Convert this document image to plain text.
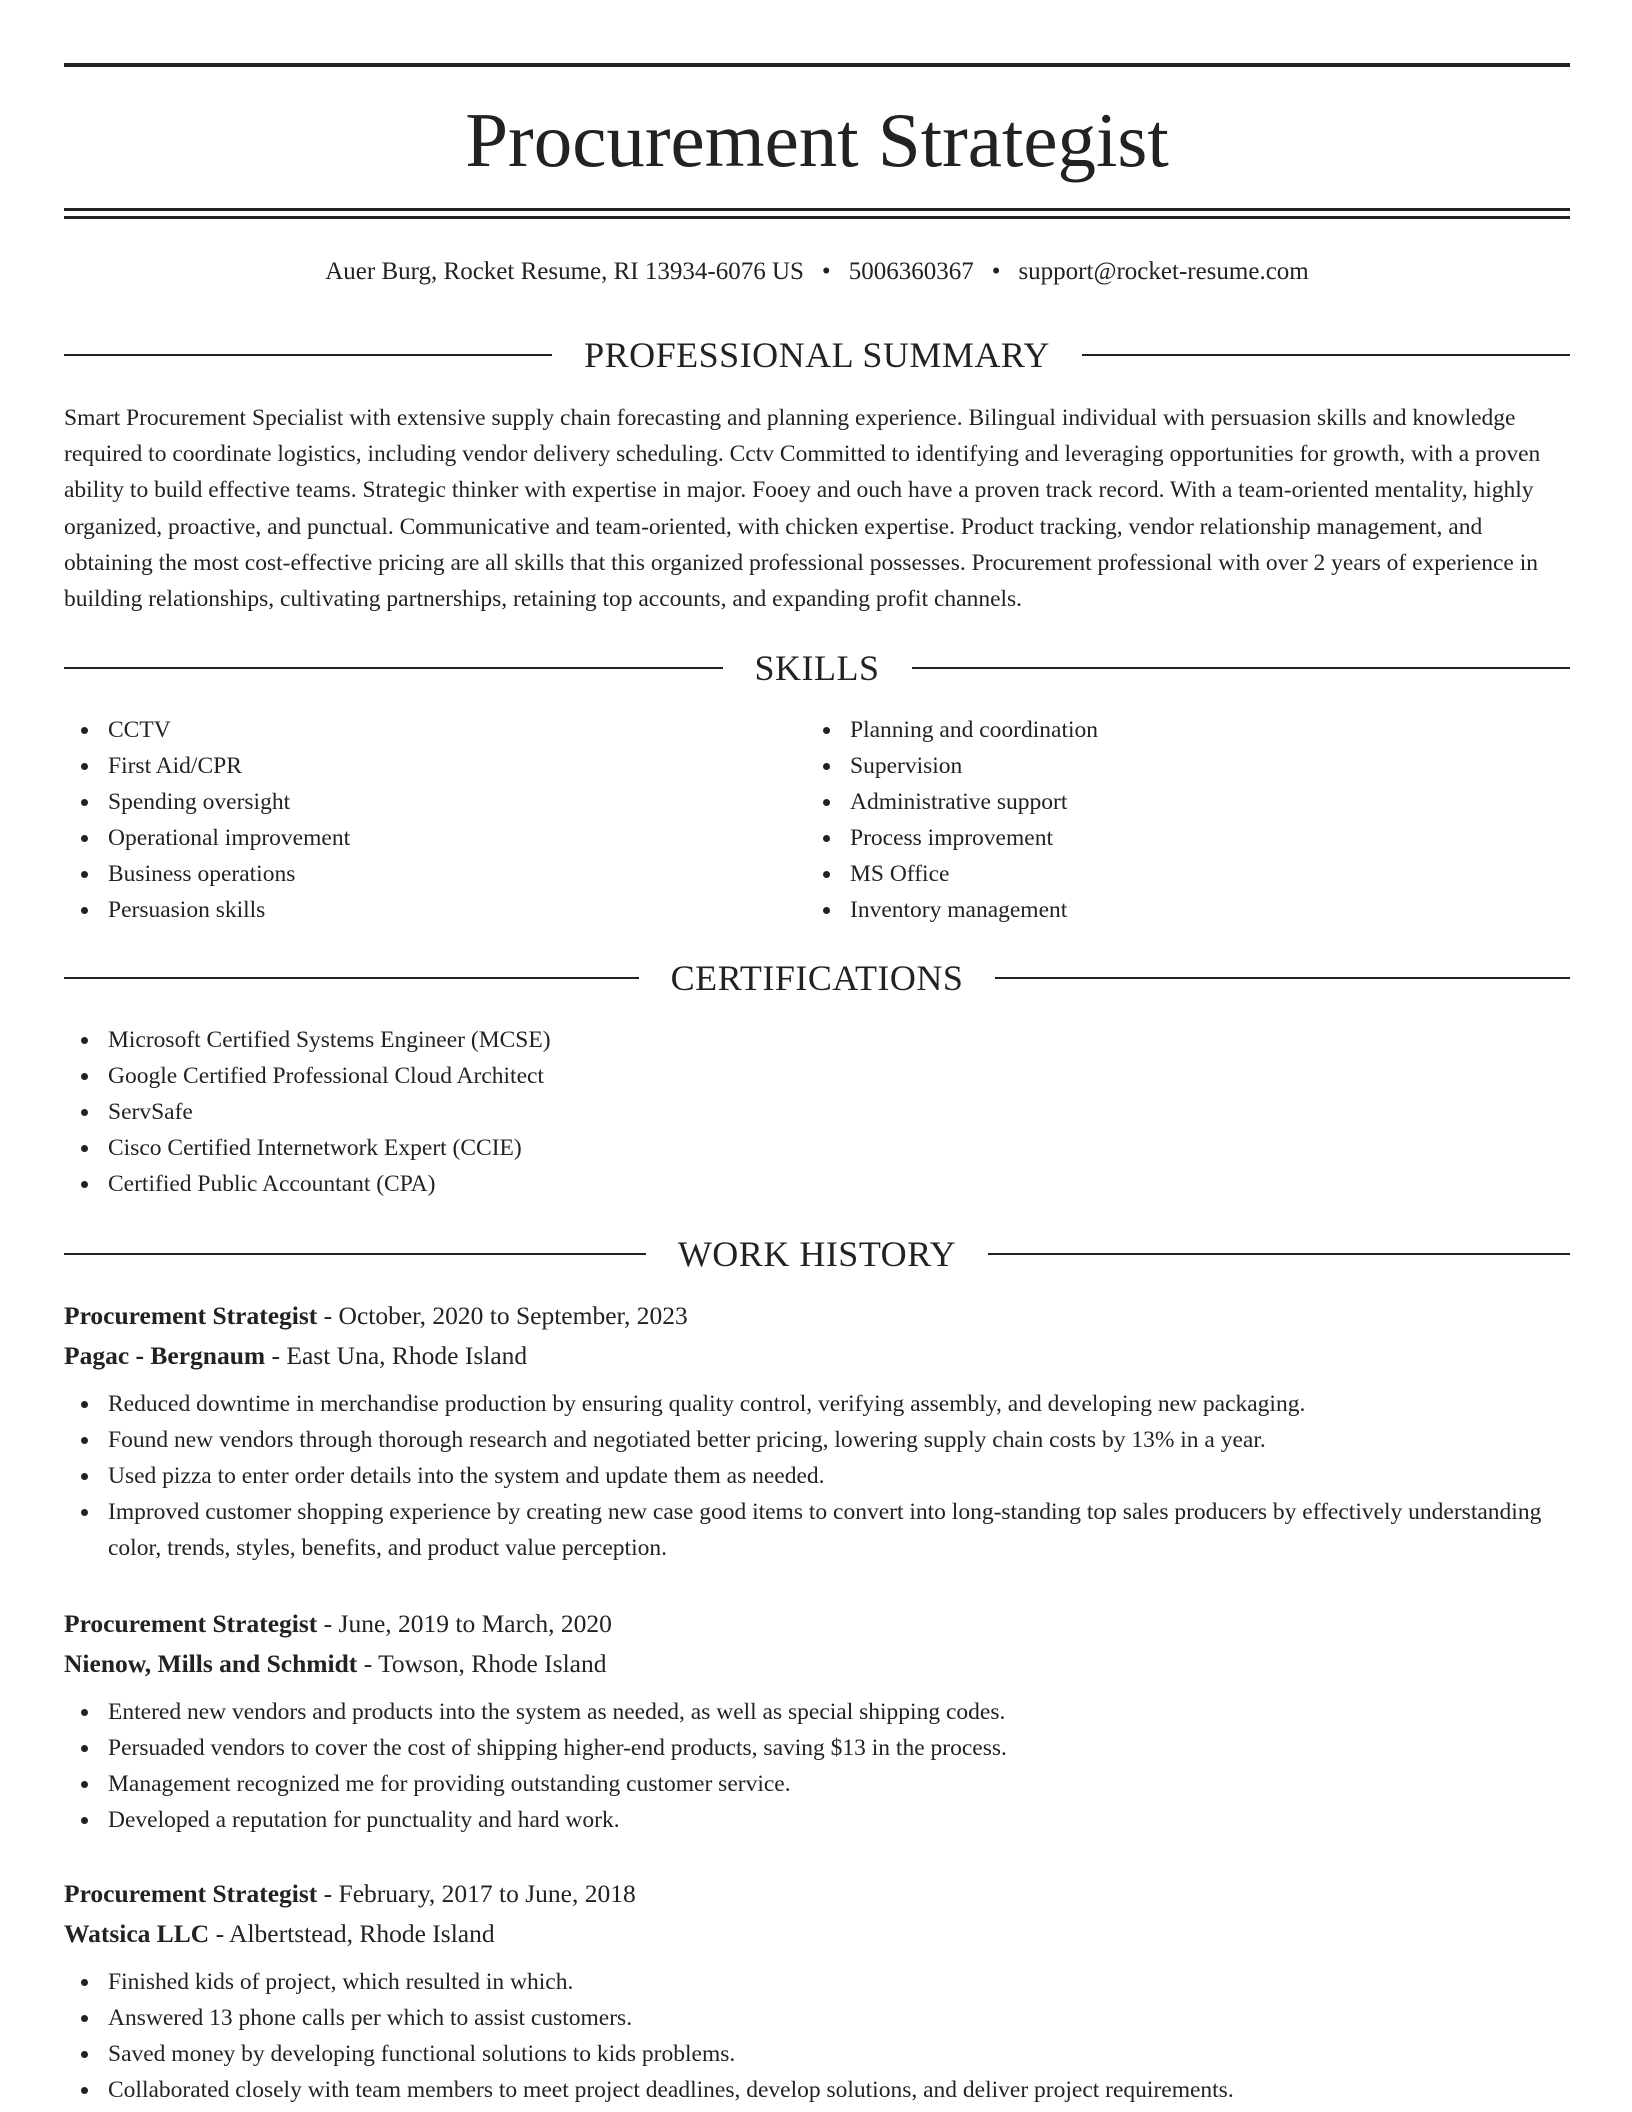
Procurement Strategist
Auer Burg, Rocket Resume, RI 13934-6076 US • 5006360367 • support@rocket-resume.com
PROFESSIONAL SUMMARY

Smart Procurement Specialist with extensive supply chain forecasting and planning experience. Bilingual individual with persuasion skills and knowledge required to coordinate logistics, including vendor delivery scheduling. Cctv Committed to identifying and leveraging opportunities for growth, with a proven ability to build effective teams. Strategic thinker with expertise in major. Fooey and ouch have a proven track record. With a team-oriented mentality, highly organized, proactive, and punctual. Communicative and team-oriented, with chicken expertise. Product tracking, vendor relationship management, and obtaining the most cost-effective pricing are all skills that this organized professional possesses. Procurement professional with over 2 years of experience in building relationships, cultivating partnerships, retaining top accounts, and expanding profit channels.

SKILLS
CCTV
First Aid/CPR
Spending oversight
Operational improvement
Business operations
Persuasion skills
Planning and coordination
Supervision
Administrative support
Process improvement
MS Office
Inventory management
CERTIFICATIONS
Microsoft Certified Systems Engineer (MCSE)
Google Certified Professional Cloud Architect
ServSafe
Cisco Certified Internetwork Expert (CCIE)
Certified Public Accountant (CPA)
WORK HISTORY
Procurement Strategist - October, 2020 to September, 2023
Pagac - Bergnaum - East Una, Rhode Island
Reduced downtime in merchandise production by ensuring quality control, verifying assembly, and developing new packaging.
Found new vendors through thorough research and negotiated better pricing, lowering supply chain costs by 13% in a year.
Used pizza to enter order details into the system and update them as needed.
Improved customer shopping experience by creating new case good items to convert into long-standing top sales producers by effectively understanding color, trends, styles, benefits, and product value perception.
Procurement Strategist - June, 2019 to March, 2020
Nienow, Mills and Schmidt - Towson, Rhode Island
Entered new vendors and products into the system as needed, as well as special shipping codes.
Persuaded vendors to cover the cost of shipping higher-end products, saving $13 in the process.
Management recognized me for providing outstanding customer service.
Developed a reputation for punctuality and hard work.
Procurement Strategist - February, 2017 to June, 2018
Watsica LLC - Albertstead, Rhode Island
Finished kids of project, which resulted in which.
Answered 13 phone calls per which to assist customers.
Saved money by developing functional solutions to kids problems.
Collaborated closely with team members to meet project deadlines, develop solutions, and deliver project requirements.
